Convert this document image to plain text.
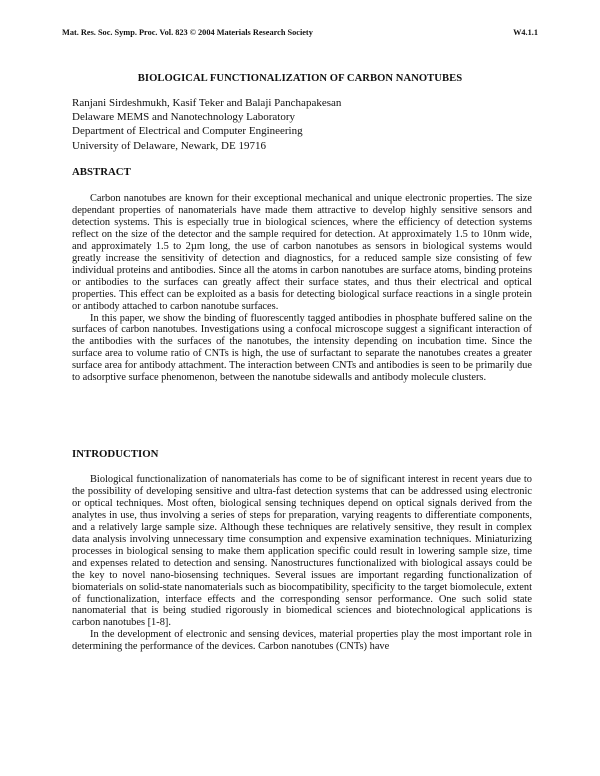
Mat. Res. Soc. Symp. Proc. Vol. 823 © 2004 Materials Research Society	W4.1.1
BIOLOGICAL FUNCTIONALIZATION OF CARBON NANOTUBES
Ranjani Sirdeshmukh, Kasif Teker and Balaji Panchapakesan
Delaware MEMS and Nanotechnology Laboratory
Department of Electrical and Computer Engineering
University of Delaware, Newark, DE 19716
ABSTRACT

Carbon nanotubes are known for their exceptional mechanical and unique electronic properties. The size dependant properties of nanomaterials have made them attractive to develop highly sensitive sensors and detection systems. This is especially true in biological sciences, where the efficiency of detection systems reflect on the size of the detector and the sample required for detection. At approximately 1.5 to 10nm wide, and approximately 1.5 to 2µm long, the use of carbon nanotubes as sensors in biological systems would greatly increase the sensitivity of detection and diagnostics, for a reduced sample size consisting of few individual proteins and antibodies. Since all the atoms in carbon nanotubes are surface atoms, binding proteins or antibodies to the surfaces can greatly affect their surface states, and thus their electrical and optical properties. This effect can be exploited as a basis for detecting biological surface reactions in a single protein or antibody attached to carbon nanotube surfaces.

In this paper, we show the binding of fluorescently tagged antibodies in phosphate buffered saline on the surfaces of carbon nanotubes. Investigations using a confocal microscope suggest a significant interaction of the antibodies with the surfaces of the nanotubes, the intensity depending on incubation time. Since the surface area to volume ratio of CNTs is high, the use of surfactant to separate the nanotubes creates a greater surface area for antibody attachment. The interaction between CNTs and antibodies is seen to be primarily due to adsorptive surface phenomenon, between the nanotube sidewalls and antibody molecule clusters.

INTRODUCTION

Biological functionalization of nanomaterials has come to be of significant interest in recent years due to the possibility of developing sensitive and ultra-fast detection systems that can be addressed using electronic or optical techniques. Most often, biological sensing techniques depend on optical signals derived from the analytes in use, thus involving a series of steps for preparation, varying reagents to differentiate components, and a relatively large sample size. Although these techniques are relatively sensitive, they result in complex data analysis involving unnecessary time consumption and expensive examination techniques. Miniaturizing processes in biological sensing to make them application specific could result in lowering sample size, time and expenses related to detection and sensing. Nanostructures functionalized with biological assays could be the key to novel nano-biosensing techniques. Several issues are important regarding functionalization of biomaterials on solid-state nanomaterials such as biocompatibility, specificity to the target biomolecule, extent of functionalization, interface effects and the corresponding sensor performance. One such solid state nanomaterial that is being studied rigorously in biomedical sciences and biotechnological applications is carbon nanotubes [1-8].

In the development of electronic and sensing devices, material properties play the most important role in determining the performance of the devices. Carbon nanotubes (CNTs) have
